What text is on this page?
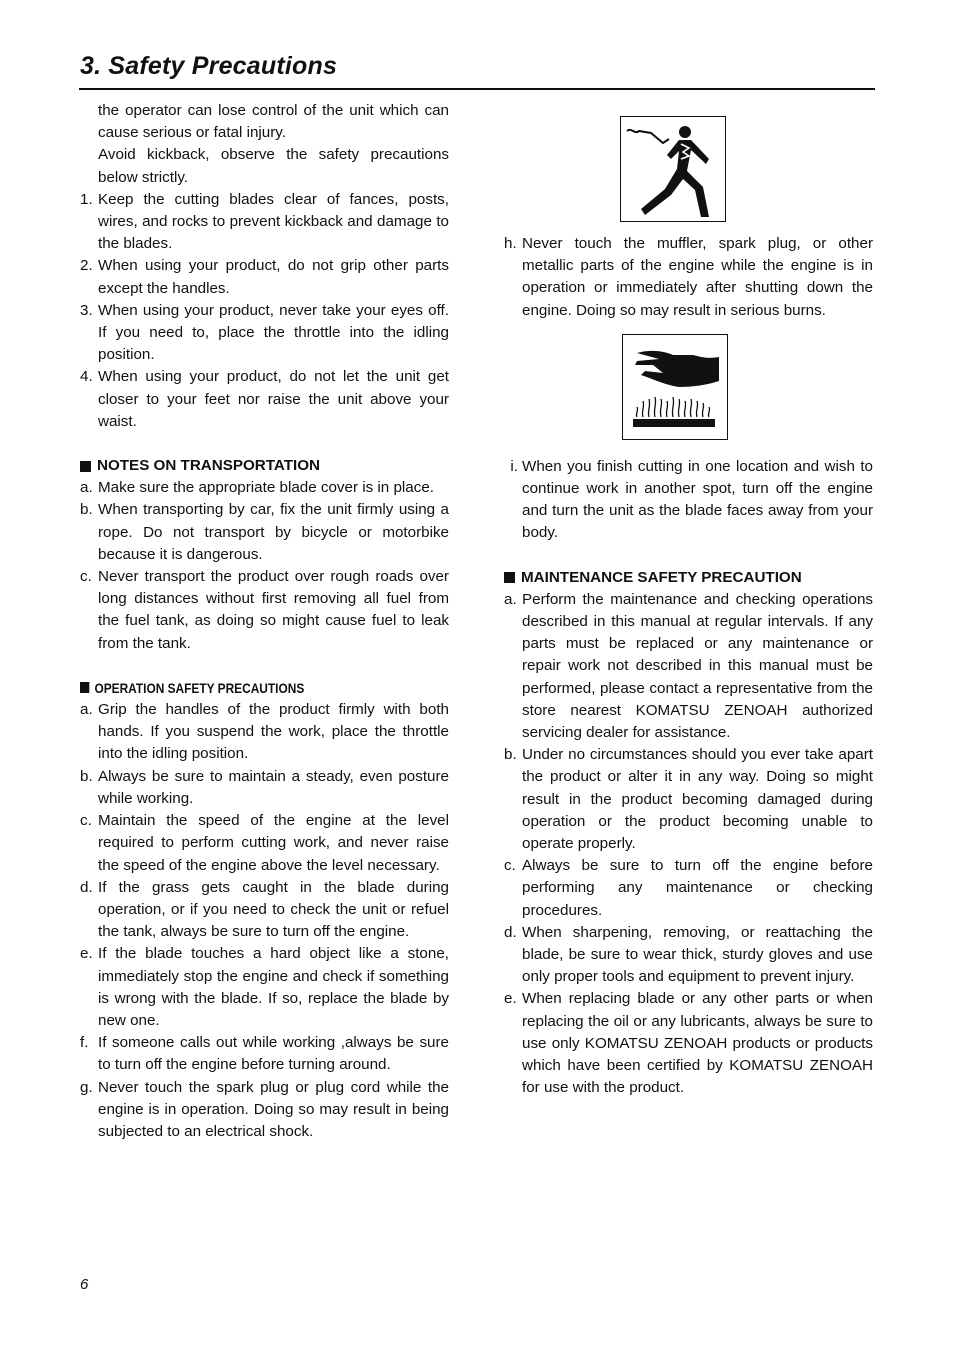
3. Safety Precautions

the operator can lose control of the unit which can cause serious or fatal injury.

Avoid kickback, observe the safety precautions below strictly.

1. Keep the cutting blades clear of fances, posts, wires, and rocks to prevent kickback and damage to the blades.
2. When using your product, do not grip other parts except the handles.
3. When using your product, never take your eyes off. If you need to, place the throttle into the idling position.
4. When using your product, do not let the unit get closer to your feet nor raise the unit above your waist.
NOTES ON TRANSPORTATION
a. Make sure the appropriate blade cover is in place.
b. When transporting by car, fix the unit firmly using a rope. Do not transport by bicycle or motorbike because it is dangerous.
c. Never transport the product over rough roads over long distances without first removing all fuel from the fuel tank, as doing so might cause fuel to leak from the tank.
OPERATION SAFETY PRECAUTIONS
a. Grip the handles of the product firmly with both hands. If you suspend the work, place the throttle into the idling position.
b. Always be sure to maintain a steady, even posture while working.
c. Maintain the speed of the engine at the level required to perform cutting work, and never raise the speed of the engine above the level necessary.
d. If the grass gets caught in the blade during operation, or if you need to check the unit or refuel the tank, always be sure to turn off the engine.
e. If the blade touches a hard object like a stone, immediately stop the engine and check if something is wrong with the blade. If so, replace the blade by new one.
f. If someone calls out while working ,always be sure to turn off the engine before turning around.
g. Never touch the spark plug or plug cord while the engine is in operation. Doing so may result in being subjected to an electrical shock.
h. Never touch the muffler, spark plug, or other metallic parts of the engine while the engine is in operation or immediately after shutting down the engine. Doing so may result in serious burns.
i. When you finish cutting in one location and wish to continue work in another spot, turn off the engine and turn the unit as the blade faces away from your body.
MAINTENANCE SAFETY PRECAUTION
a. Perform the maintenance and checking operations described in this manual at regular intervals. If any parts must be replaced or any maintenance or repair work not described in this manual must be performed, please contact a representative from the store nearest KOMATSU ZENOAH authorized servicing dealer for assistance.
b. Under no circumstances should you ever take apart the product or alter it in any way. Doing so might result in the product becoming damaged during operation or the product becoming unable to operate properly.
c. Always be sure to turn off the engine before performing any maintenance or checking procedures.
d. When sharpening, removing, or reattaching the blade, be sure to wear thick, sturdy gloves and use only proper tools and equipment to prevent injury.
e. When replacing blade or any other parts or when replacing the oil or any lubricants, always be sure to use only KOMATSU ZENOAH products or products which have been certified by KOMATSU ZENOAH for use with the product.

6
